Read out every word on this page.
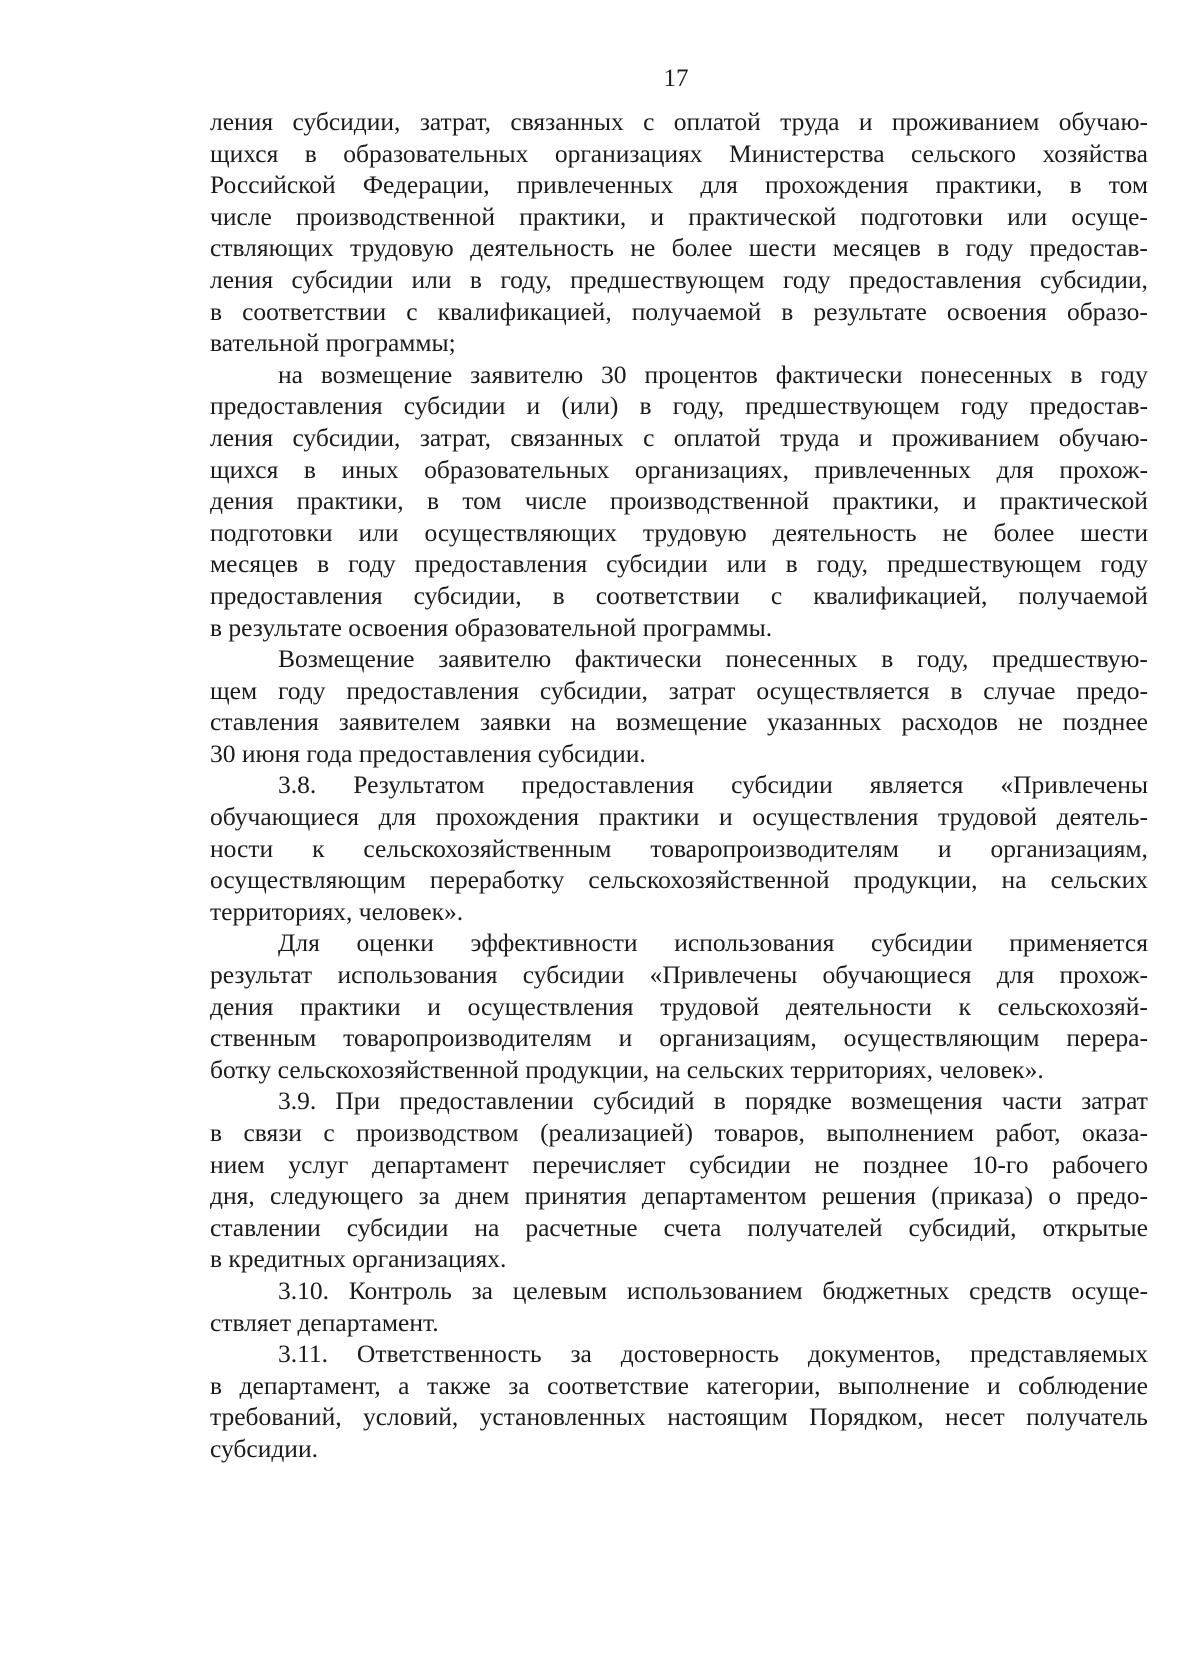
17
ления субсидии, затрат, связанных с оплатой труда и проживанием обучаю-
щихся в образовательных организациях Министерства сельского хозяйства
Российской Федерации, привлеченных для прохождения практики, в том
числе производственной практики, и практической подготовки или осуще-
ствляющих трудовую деятельность не более шести месяцев в году предостав-
ления субсидии или в году, предшествующем году предоставления субсидии,
в соответствии с квалификацией, получаемой в результате освоения образо-
вательной программы;
на возмещение заявителю 30 процентов фактически понесенных в году
предоставления субсидии и (или) в году, предшествующем году предостав-
ления субсидии, затрат, связанных с оплатой труда и проживанием обучаю-
щихся в иных образовательных организациях, привлеченных для прохож-
дения практики, в том числе производственной практики, и практической
подготовки или осуществляющих трудовую деятельность не более шести
месяцев в году предоставления субсидии или в году, предшествующем году
предоставления субсидии, в соответствии с квалификацией, получаемой
в результате освоения образовательной программы.
Возмещение заявителю фактически понесенных в году, предшествую-
щем году предоставления субсидии, затрат осуществляется в случае предо-
ставления заявителем заявки на возмещение указанных расходов не позднее
30 июня года предоставления субсидии.
3.8. Результатом предоставления субсидии является «Привлечены
обучающиеся для прохождения практики и осуществления трудовой деятель-
ности к сельскохозяйственным товаропроизводителям и организациям,
осуществляющим переработку сельскохозяйственной продукции, на сельских
территориях, человек».
Для оценки эффективности использования субсидии применяется
результат использования субсидии «Привлечены обучающиеся для прохож-
дения практики и осуществления трудовой деятельности к сельскохозяй-
ственным товаропроизводителям и организациям, осуществляющим перера-
ботку сельскохозяйственной продукции, на сельских территориях, человек».
3.9. При предоставлении субсидий в порядке возмещения части затрат
в связи с производством (реализацией) товаров, выполнением работ, оказа-
нием услуг департамент перечисляет субсидии не позднее 10-го рабочего
дня, следующего за днем принятия департаментом решения (приказа) о предо-
ставлении субсидии на расчетные счета получателей субсидий, открытые
в кредитных организациях.
3.10. Контроль за целевым использованием бюджетных средств осуще-
ствляет департамент.
3.11. Ответственность за достоверность документов, представляемых
в департамент, а также за соответствие категории, выполнение и соблюдение
требований, условий, установленных настоящим Порядком, несет получатель
субсидии.
